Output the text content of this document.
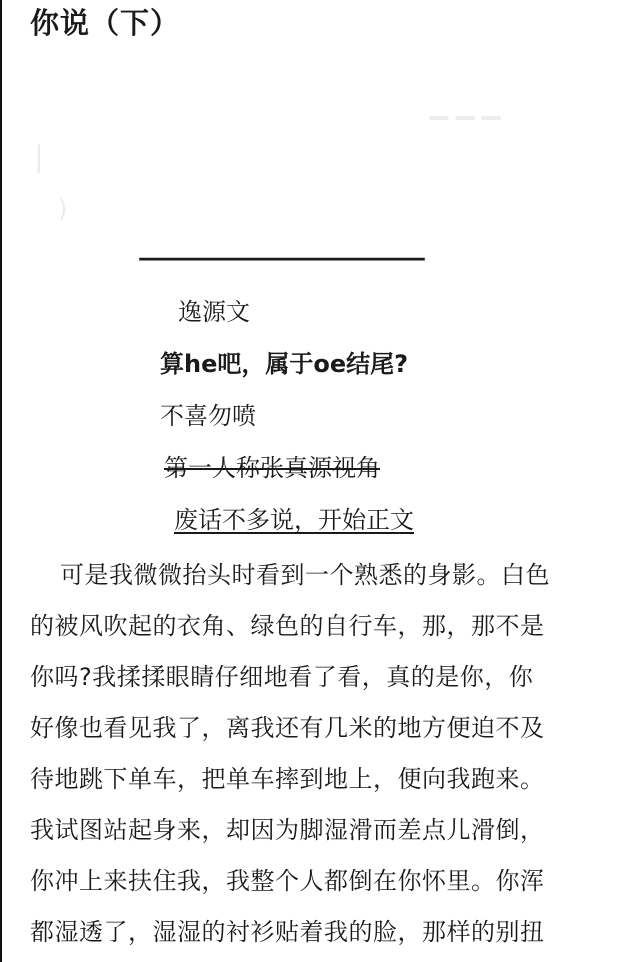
你说（下）
▁ ▁ ▁
▏
)
———————————————
逸源文
算he吧，属于oe结尾?
不喜勿喷
第一人称张真源视角
废话不多说，开始正文
可是我微微抬头时看到一个熟悉的身影。白色
的被风吹起的衣角、绿色的自行车，那，那不是
你吗?我揉揉眼睛仔细地看了看，真的是你，你
好像也看见我了，离我还有几米的地方便迫不及
待地跳下单车，把单车摔到地上，便向我跑来。
我试图站起身来，却因为脚湿滑而差点儿滑倒，
你冲上来扶住我，我整个人都倒在你怀里。你浑
都湿透了，湿湿的衬衫贴着我的脸，那样的别扭
